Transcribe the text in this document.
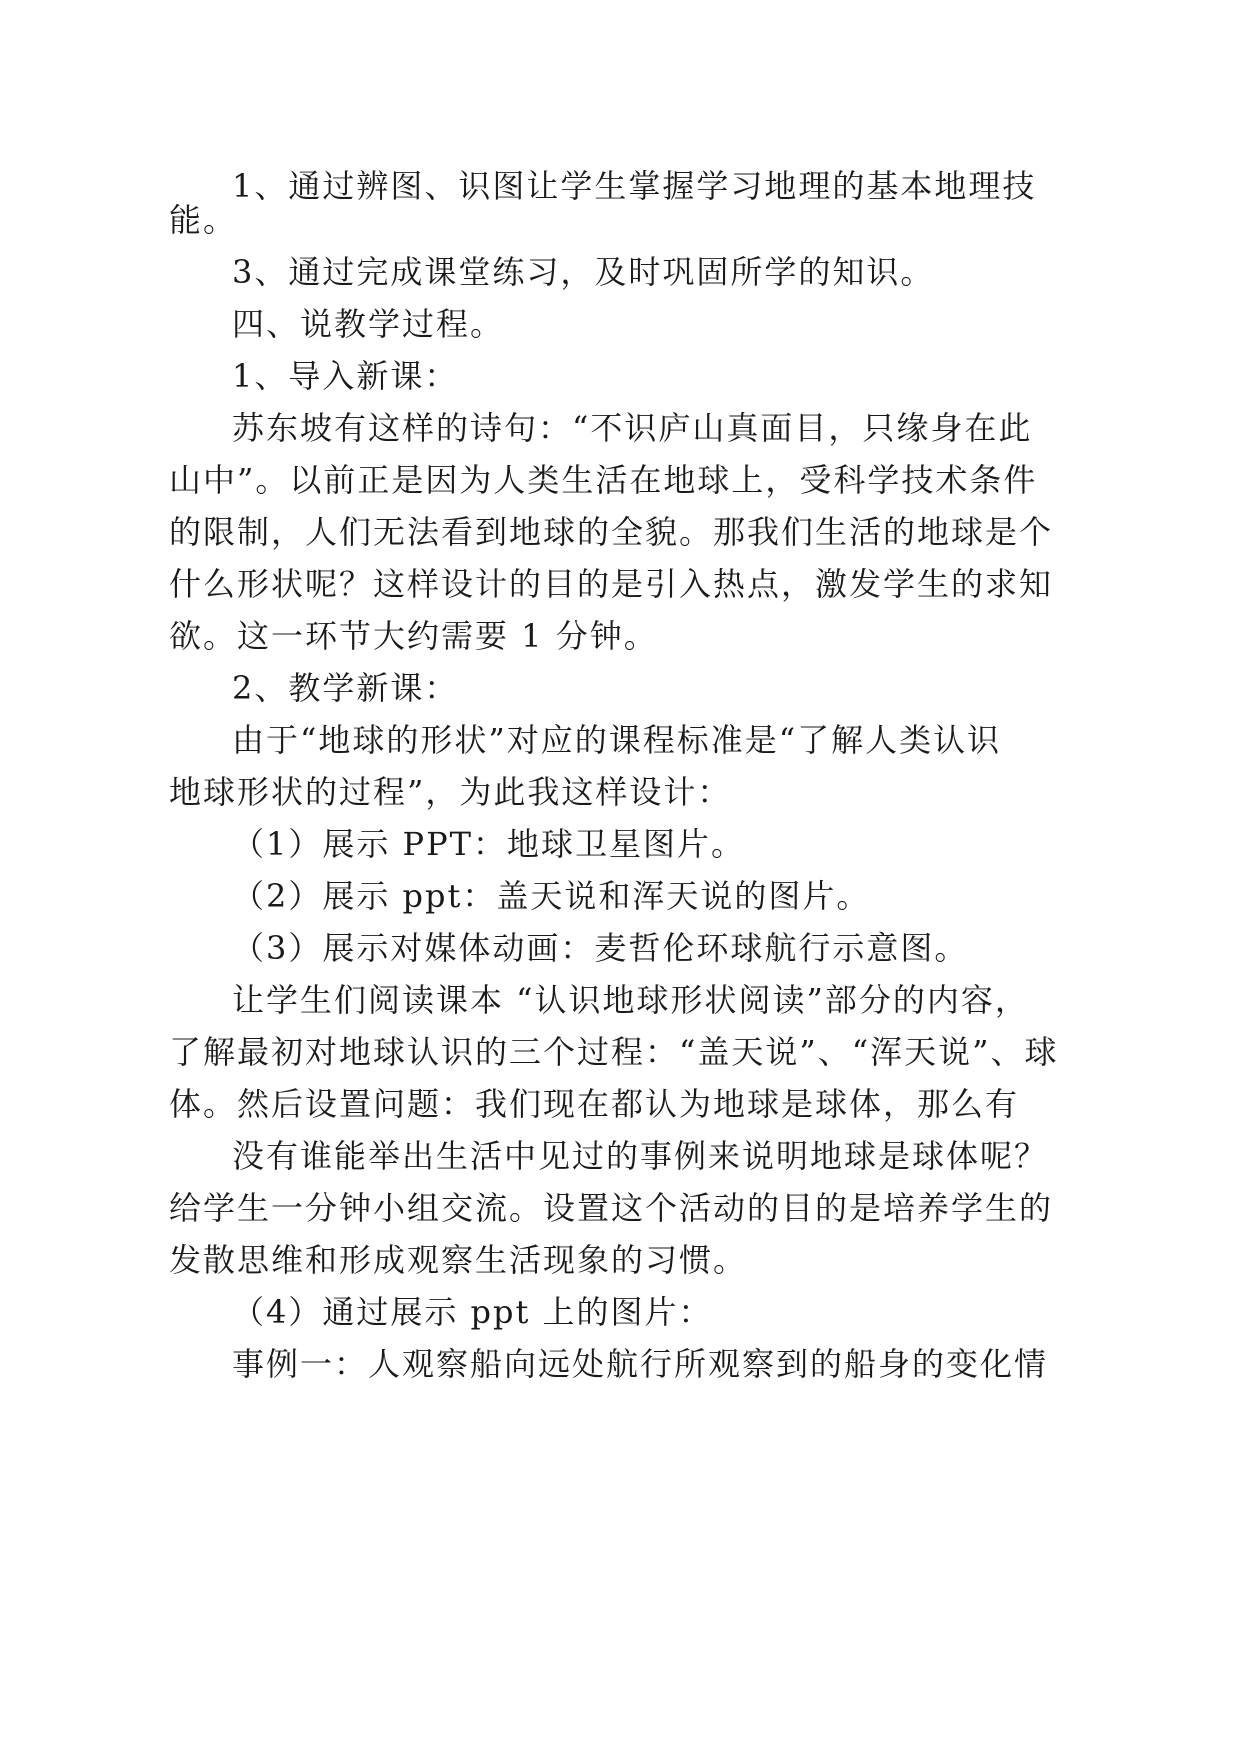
1、通过辨图、识图让学生掌握学习地理的基本地理技
能。
3、通过完成课堂练习，及时巩固所学的知识。
四、说教学过程。
1、导入新课：
苏东坡有这样的诗句：“不识庐山真面目，只缘身在此
山中”。以前正是因为人类生活在地球上，受科学技术条件
的限制，人们无法看到地球的全貌。那我们生活的地球是个
什么形状呢？这样设计的目的是引入热点，激发学生的求知
欲。这一环节大约需要 1 分钟。
2、教学新课：
由于“地球的形状”对应的课程标准是“了解人类认识
地球形状的过程”，为此我这样设计：
（1）展示 PPT：地球卫星图片。
（2）展示 ppt：盖天说和浑天说的图片。
（3）展示对媒体动画：麦哲伦环球航行示意图。
让学生们阅读课本 “认识地球形状阅读”部分的内容，
了解最初对地球认识的三个过程：“盖天说”、“浑天说”、球
体。然后设置问题：我们现在都认为地球是球体，那么有
没有谁能举出生活中见过的事例来说明地球是球体呢？
给学生一分钟小组交流。设置这个活动的目的是培养学生的
发散思维和形成观察生活现象的习惯。
（4）通过展示 ppt 上的图片：
事例一：人观察船向远处航行所观察到的船身的变化情
